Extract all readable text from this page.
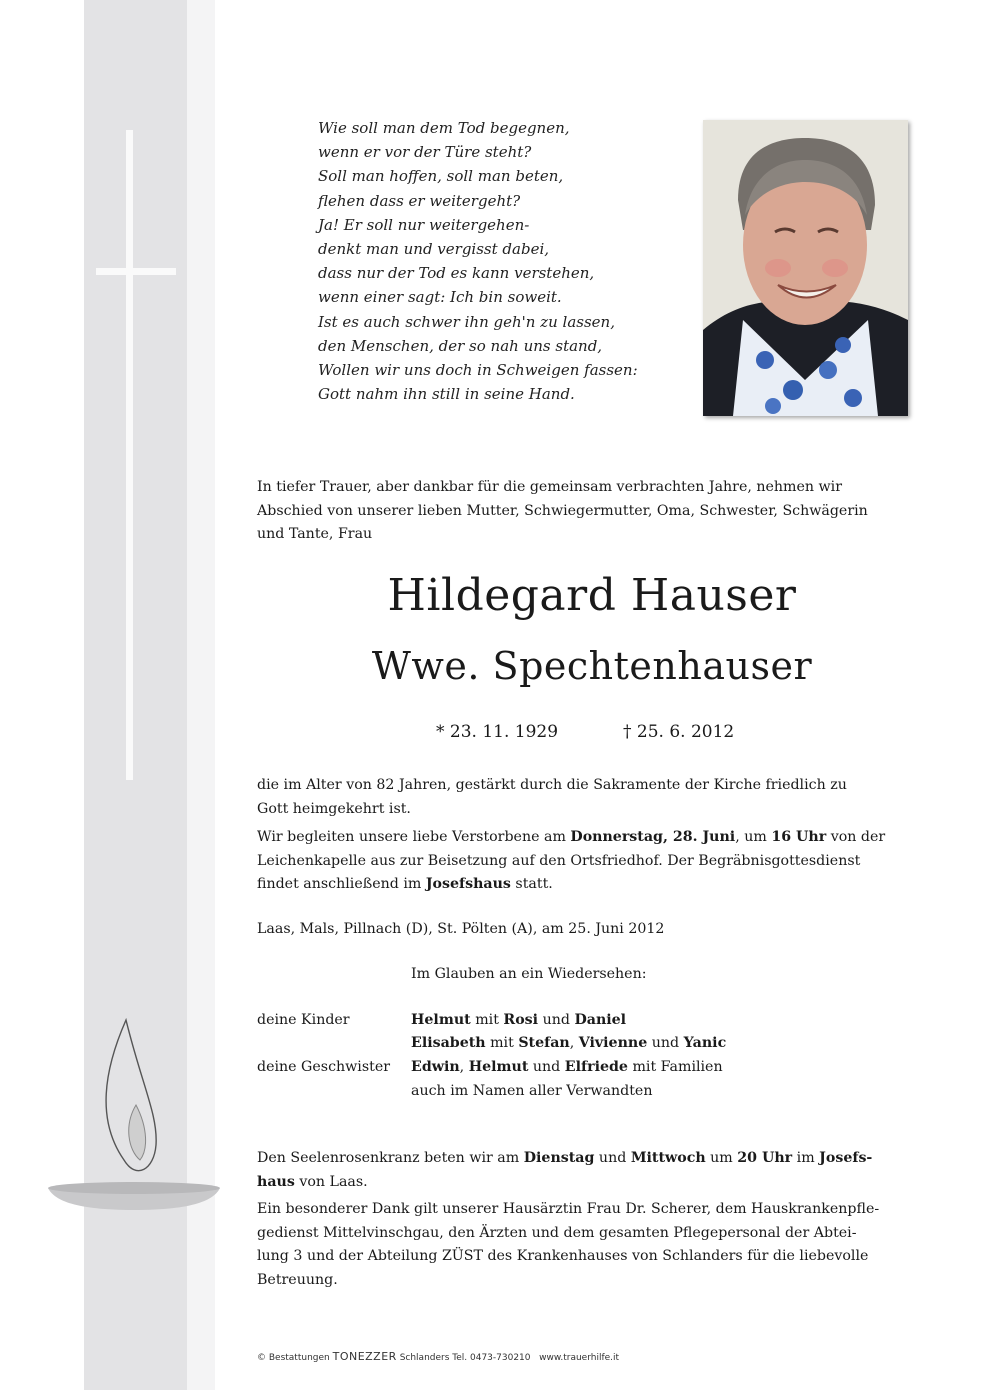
Wie soll man dem Tod begegnen,
wenn er vor der Türe steht?
Soll man hoffen, soll man beten,
flehen dass er weitergeht?
Ja! Er soll nur weitergehen-
denkt man und vergisst dabei,
dass nur der Tod es kann verstehen,
wenn einer sagt: Ich bin soweit.
Ist es auch schwer ihn geh'n zu lassen,
den Menschen, der so nah uns stand,
Wollen wir uns doch in Schweigen fassen:
Gott nahm ihn still in seine Hand.
In tiefer Trauer, aber dankbar für die gemeinsam verbrachten Jahre, nehmen wir
Abschied von unserer lieben Mutter, Schwiegermutter, Oma, Schwester, Schwägerin
und Tante, Frau
Hildegard Hauser
Wwe. Spechtenhauser
* 23. 11. 1929	† 25. 6. 2012
die im Alter von 82 Jahren, gestärkt durch die Sakramente der Kirche friedlich zu
Gott heimgekehrt ist.
Wir begleiten unsere liebe Verstorbene am Donnerstag, 28. Juni, um 16 Uhr von der
Leichenkapelle aus zur Beisetzung auf den Ortsfriedhof. Der Begräbnisgottesdienst
findet anschließend im Josefshaus statt.
Laas, Mals, Pillnach (D), St. Pölten (A), am 25. Juni 2012
Im Glauben an ein Wiedersehen:
deine Kinder	Helmut mit Rosi und Daniel
Elisabeth mit Stefan, Vivienne und Yanic
deine Geschwister Edwin, Helmut und Elfriede mit Familien
auch im Namen aller Verwandten
Den Seelenrosenkranz beten wir am Dienstag und Mittwoch um 20 Uhr im Josefs-
haus von Laas.
Ein besonderer Dank gilt unserer Hausärztin Frau Dr. Scherer, dem Hauskrankenpfle-
gedienst Mittelvinschgau, den Ärzten und dem gesamten Pflegepersonal der Abtei-
lung 3 und der Abteilung ZÜST des Krankenhauses von Schlanders für die liebevolle
Betreuung.
© Bestattungen TONEZZER Schlanders Tel. 0473-730210 www.trauerhilfe.it
